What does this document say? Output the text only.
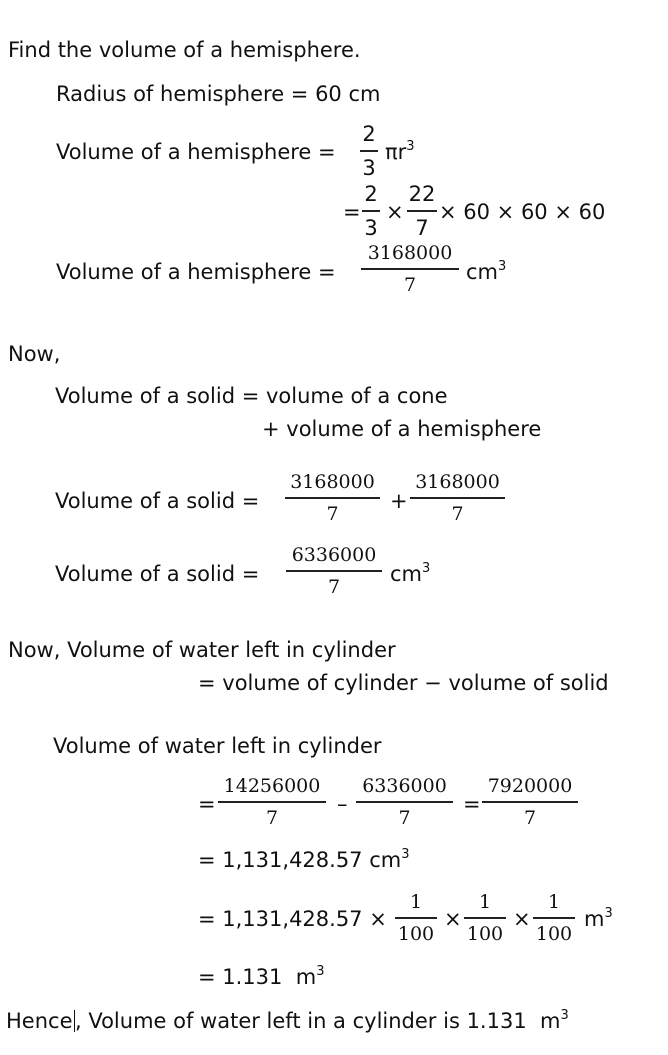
Find the volume of a hemisphere.
Radius of hemisphere = 60 cm
Volume of a hemisphere =
2
3
$\pi r^3$
=
2
3
×
22
7
× 60 × 60 × 60
Volume of a hemisphere =
3168000
7
$cm^3$
Now,
Volume of a solid = volume of a cone
+ volume of a hemisphere
Volume of a solid =
3168000
7
+
3168000
7
Volume of a solid =
6336000
7
$cm^3$
Now, Volume of water left in cylinder
= volume of cylinder − volume of solid
Volume of water left in cylinder
=
14256000
7
–
6336000
7
=
7920000
7
= 1,131,428.57 $cm^3$
= 1,131,428.57 ×
1
100
×
1
100
×
1
100
$m^3$
= 1.131  $m^3$
Hence , Volume of water left in a cylinder is 1.131  $m^3$
